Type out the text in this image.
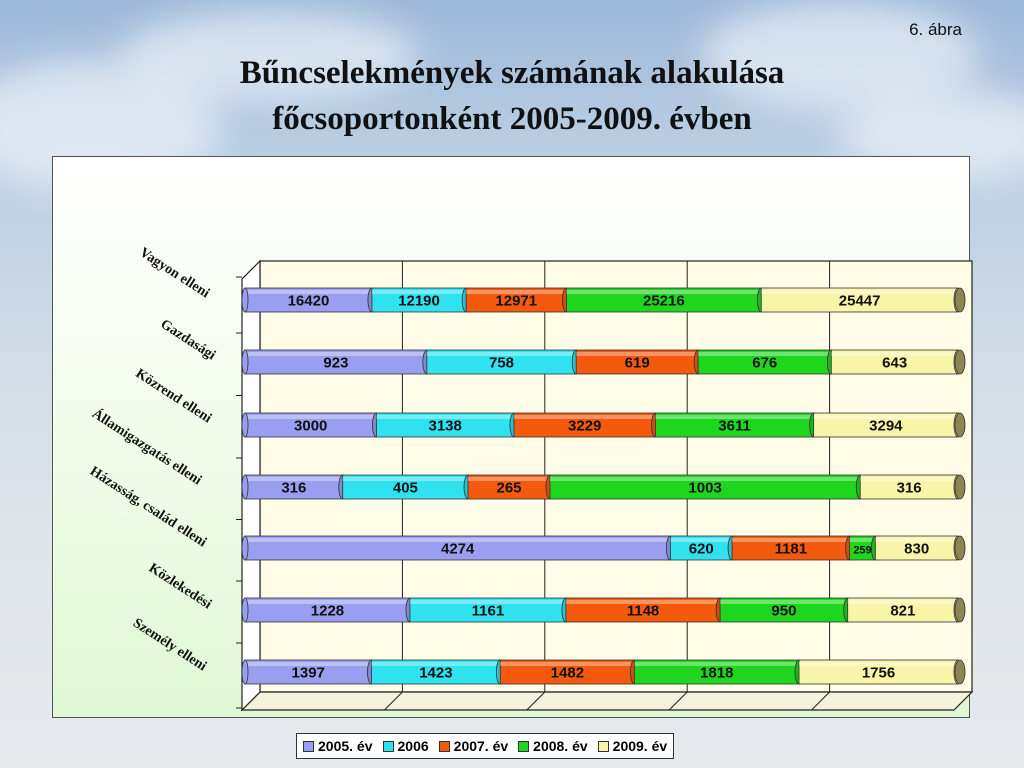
6. ábra
Bűncselekmények számának alakulása
főcsoportonként 2005-2009. évben
16420	12190	12971	25216	25447
923	758	619	676	643
3000	3138	3229	3611	3294
316	405	265	1003	316
4274	620	1181	259 830
1228	1161	1148	950	821
1397	1423	1482	1818	1756
Vagyon elleni
Gazdasági
Közrend elleni
Államigazgatás elleni
Házasság, család elleni
Közlekedési
Személy elleni
2005. év 2006 2007. év 2008. év 2009. év
